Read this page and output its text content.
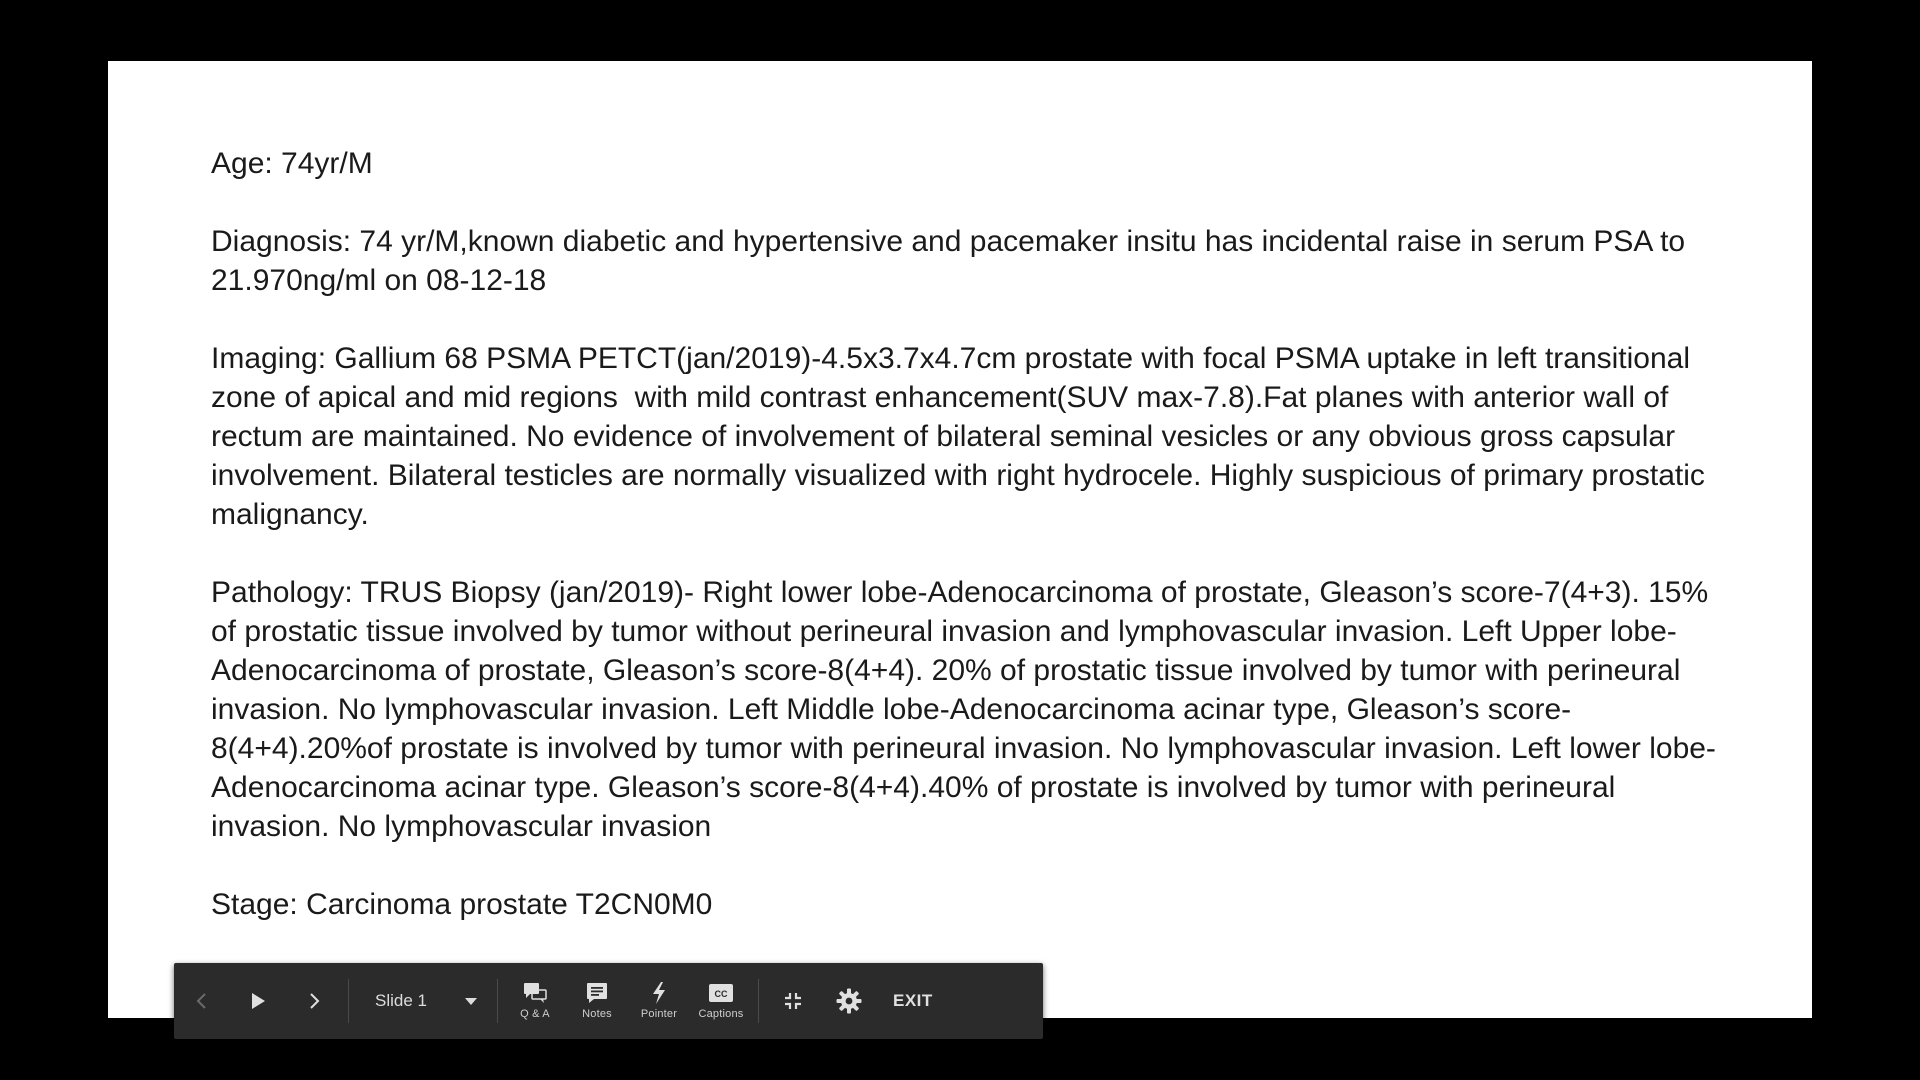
Age: 74yr/M

Diagnosis: 74 yr/M,known diabetic and hypertensive and pacemaker insitu has incidental raise in serum PSA to 21.970ng/ml on 08-12-18

Imaging: Gallium 68 PSMA PETCT(jan/2019)-4.5x3.7x4.7cm prostate with focal PSMA uptake in left transitional zone of apical and mid regions  with mild contrast enhancement(SUV max-7.8).Fat planes with anterior wall of rectum are maintained. No evidence of involvement of bilateral seminal vesicles or any obvious gross capsular involvement. Bilateral testicles are normally visualized with right hydrocele. Highly suspicious of primary prostatic malignancy.

Pathology: TRUS Biopsy (jan/2019)- Right lower lobe-Adenocarcinoma of prostate, Gleason’s score-7(4+3). 15% of prostatic tissue involved by tumor without perineural invasion and lymphovascular invasion. Left Upper lobe-Adenocarcinoma of prostate, Gleason’s score-8(4+4). 20% of prostatic tissue involved by tumor with perineural invasion. No lymphovascular invasion. Left Middle lobe-Adenocarcinoma acinar type, Gleason’s score-8(4+4).20%of prostate is involved by tumor with perineural invasion. No lymphovascular invasion. Left lower lobe- Adenocarcinoma acinar type. Gleason’s score-8(4+4).40% of prostate is involved by tumor with perineural invasion. No lymphovascular invasion

Stage: Carcinoma prostate T2CN0M0

Slide 1
Q & A	Notes	Pointer
CC
Captions
EXIT
